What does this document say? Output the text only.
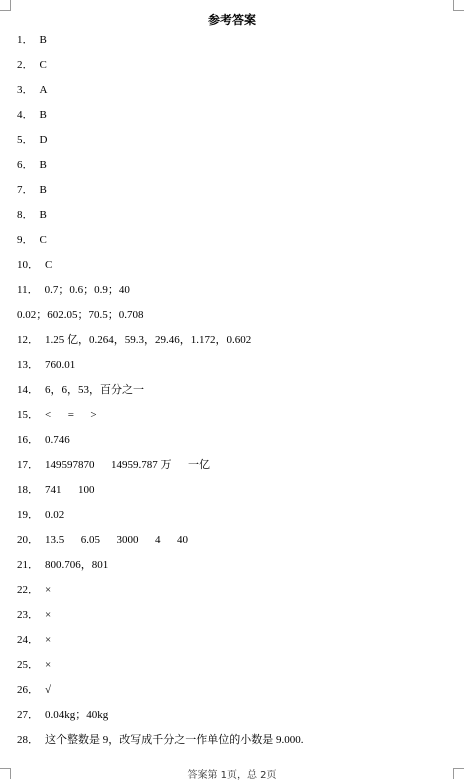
参考答案
1． B
2． C
3． A
4． B
5． D
6． B
7． B
8． B
9． C
10． C
11． 0.7；0.6；0.9；40
0.02；602.05；70.5；0.708
12． 1.25 亿，0.264，59.3，29.46，1.172，0.602
13． 760.01
14． 6，6，53，百分之一
15． <      =      >
16． 0.746
17． 149597870      14959.787 万      一亿
18． 741      100
19． 0.02
20． 13.5      6.05      3000      4      40
21． 800.706，801
22． ×
23． ×
24． ×
25． ×
26． √
27． 0.04kg；40kg
28． 这个整数是 9，改写成千分之一作单位的小数是 9.000.
答案第 1页，总 2页
